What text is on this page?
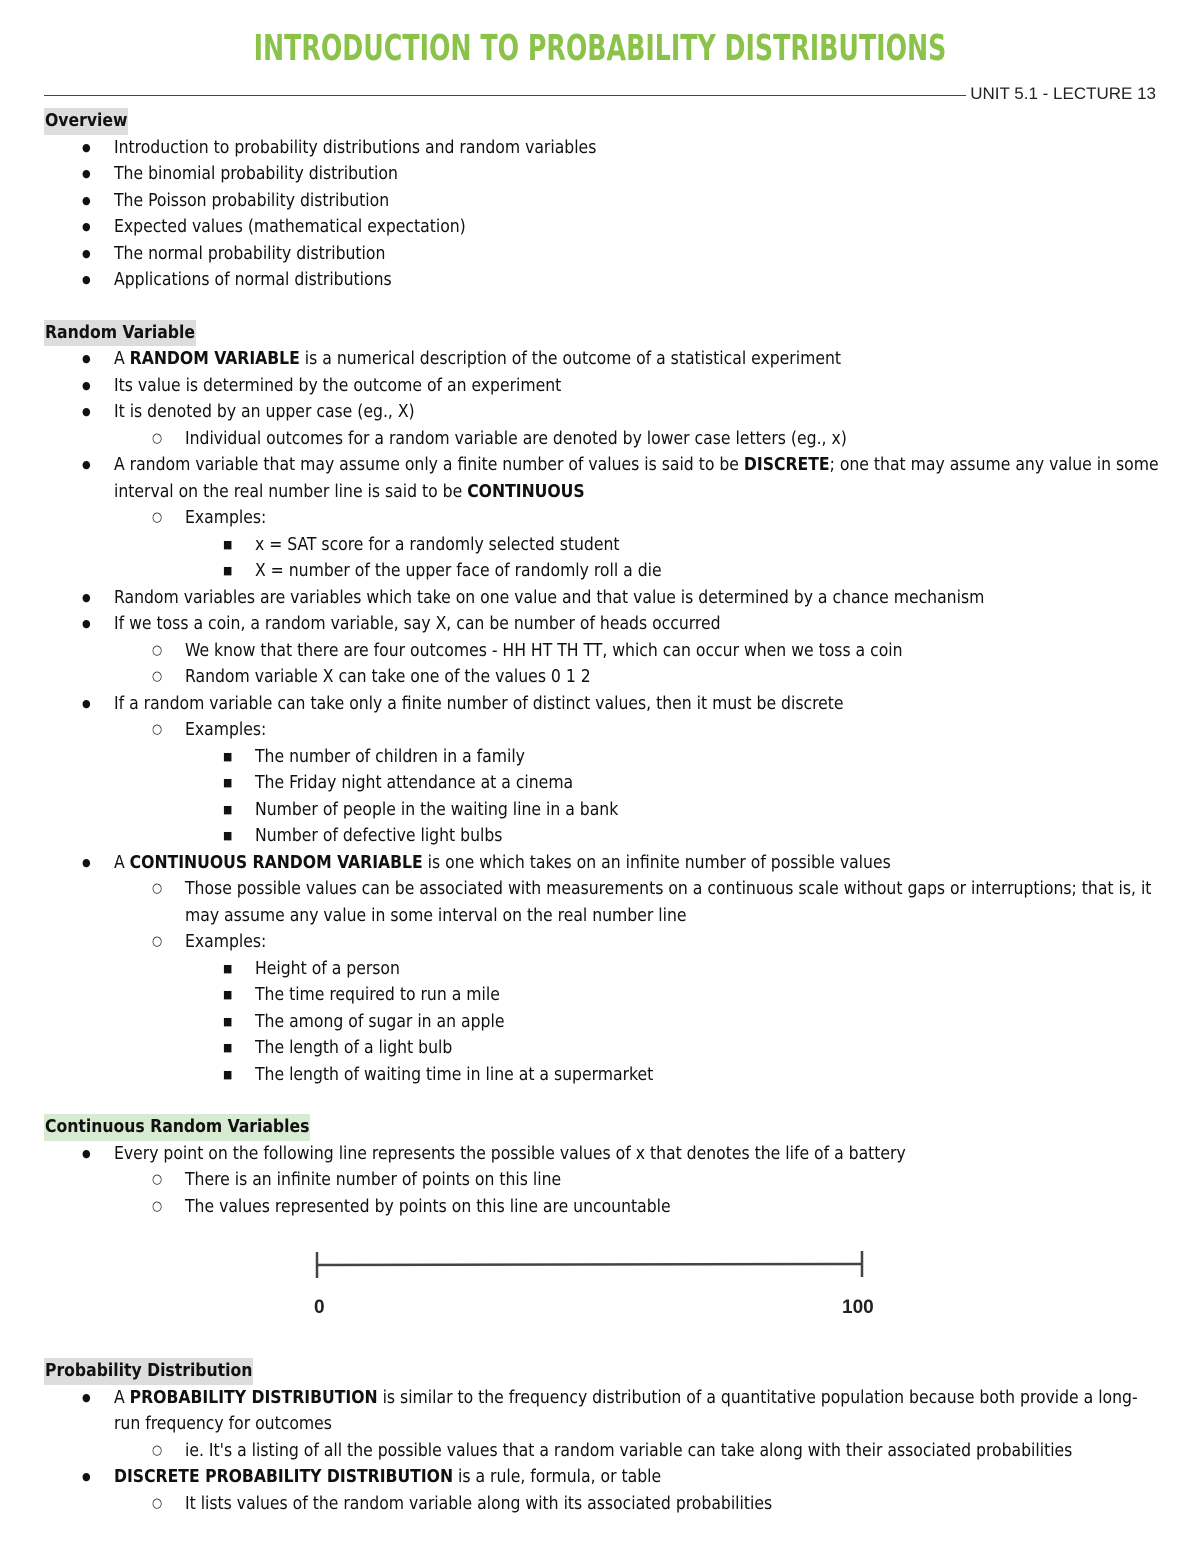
INTRODUCTION TO PROBABILITY DISTRIBUTIONS
UNIT 5.1 - LECTURE 13
Overview
● Introduction to probability distributions and random variables
● The binomial probability distribution
● The Poisson probability distribution
● Expected values (mathematical expectation)
● The normal probability distribution
● Applications of normal distributions
Random Variable
● A RANDOM VARIABLE is a numerical description of the outcome of a statistical experiment
● Its value is determined by the outcome of an experiment
● It is denoted by an upper case (eg., X)
○ Individual outcomes for a random variable are denoted by lower case letters (eg., x)
● A random variable that may assume only a finite number of values is said to be DISCRETE; one that may assume any value in some interval on the real number line is said to be CONTINUOUS
○ Examples:
■ x = SAT score for a randomly selected student
■ X = number of the upper face of randomly roll a die
● Random variables are variables which take on one value and that value is determined by a chance mechanism
● If we toss a coin, a random variable, say X, can be number of heads occurred
○ We know that there are four outcomes - HH HT TH TT, which can occur when we toss a coin
○ Random variable X can take one of the values 0 1 2
● If a random variable can take only a finite number of distinct values, then it must be discrete
○ Examples:
■ The number of children in a family
■ The Friday night attendance at a cinema
■ Number of people in the waiting line in a bank
■ Number of defective light bulbs
● A CONTINUOUS RANDOM VARIABLE is one which takes on an infinite number of possible values
○ Those possible values can be associated with measurements on a continuous scale without gaps or interruptions; that is, it may assume any value in some interval on the real number line
○ Examples:
■ Height of a person
■ The time required to run a mile
■ The among of sugar in an apple
■ The length of a light bulb
■ The length of waiting time in line at a supermarket
Continuous Random Variables
● Every point on the following line represents the possible values of x that denotes the life of a battery
○ There is an infinite number of points on this line
○ The values represented by points on this line are uncountable
0	100
Probability Distribution
● A PROBABILITY DISTRIBUTION is similar to the frequency distribution of a quantitative population because both provide a long-run frequency for outcomes
○ ie. It's a listing of all the possible values that a random variable can take along with their associated probabilities
● DISCRETE PROBABILITY DISTRIBUTION is a rule, formula, or table
○ It lists values of the random variable along with its associated probabilities
